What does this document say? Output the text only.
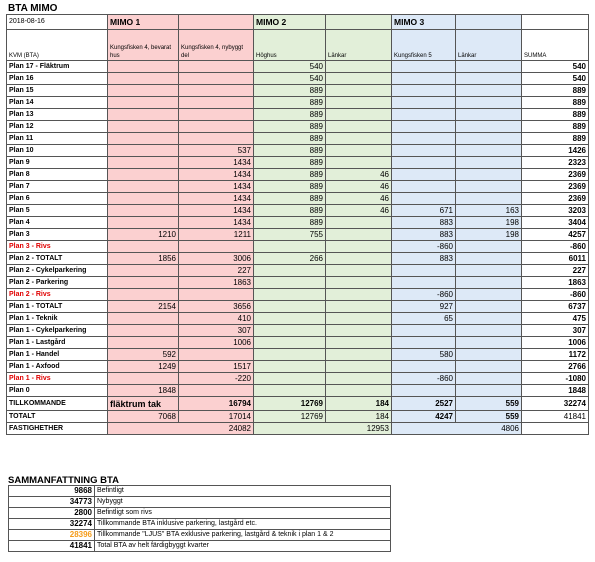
BTA MIMO
2018-08-16	MIMO 1		MIMO 2		MIMO 3		
KVM (BTA)	Kungsfisken 4, bevarat hus	Kungsfisken 4, nybyggt del	Höghus	Länkar	Kungsfisken 5	Länkar	SUMMA
Plan 17 - Fläktrum			540				540
Plan 16			540				540
Plan 15			889				889
Plan 14			889				889
Plan 13			889				889
Plan 12			889				889
Plan 11			889				889
Plan 10		537	889				1426
Plan 9		1434	889				2323
Plan 8		1434	889	46			2369
Plan 7		1434	889	46			2369
Plan 6		1434	889	46			2369
Plan 5		1434	889	46	671	163	3203
Plan 4		1434	889		883	198	3404
Plan 3	1210	1211	755		883	198	4257
Plan 3 - Rivs					-860		-860
Plan 2 - TOTALT	1856	3006	266		883		6011
Plan 2 - Cykelparkering		227					227
Plan 2 - Parkering		1863					1863
Plan 2 - Rivs					-860		-860
Plan 1 - TOTALT	2154	3656			927		6737
Plan 1 - Teknik		410			65		475
Plan 1 - Cykelparkering		307					307
Plan 1 - Lastgård		1006					1006
Plan 1 - Handel	592				580		1172
Plan 1 - Axfood	1249	1517					2766
Plan 1 - Rivs		-220			-860		-1080
Plan 0	1848						1848
TILLKOMMANDE	fläktrum tak	16794	12769	184	2527	559	32274
TOTALT	7068	17014	12769	184	4247	559	41841
FASTIGHETHER	24082		12953		4806		
SAMMANFATTNING BTA
9868	Befintligt
34773	Nybyggt
2800	Befintligt som rivs
32274	Tillkommande BTA inklusive parkering, lastgård etc.
28396	Tillkommande "LJUS" BTA exklusive parkering, lastgård & teknik i plan 1 & 2
41841	Total BTA av helt färdigbyggt kvarter
